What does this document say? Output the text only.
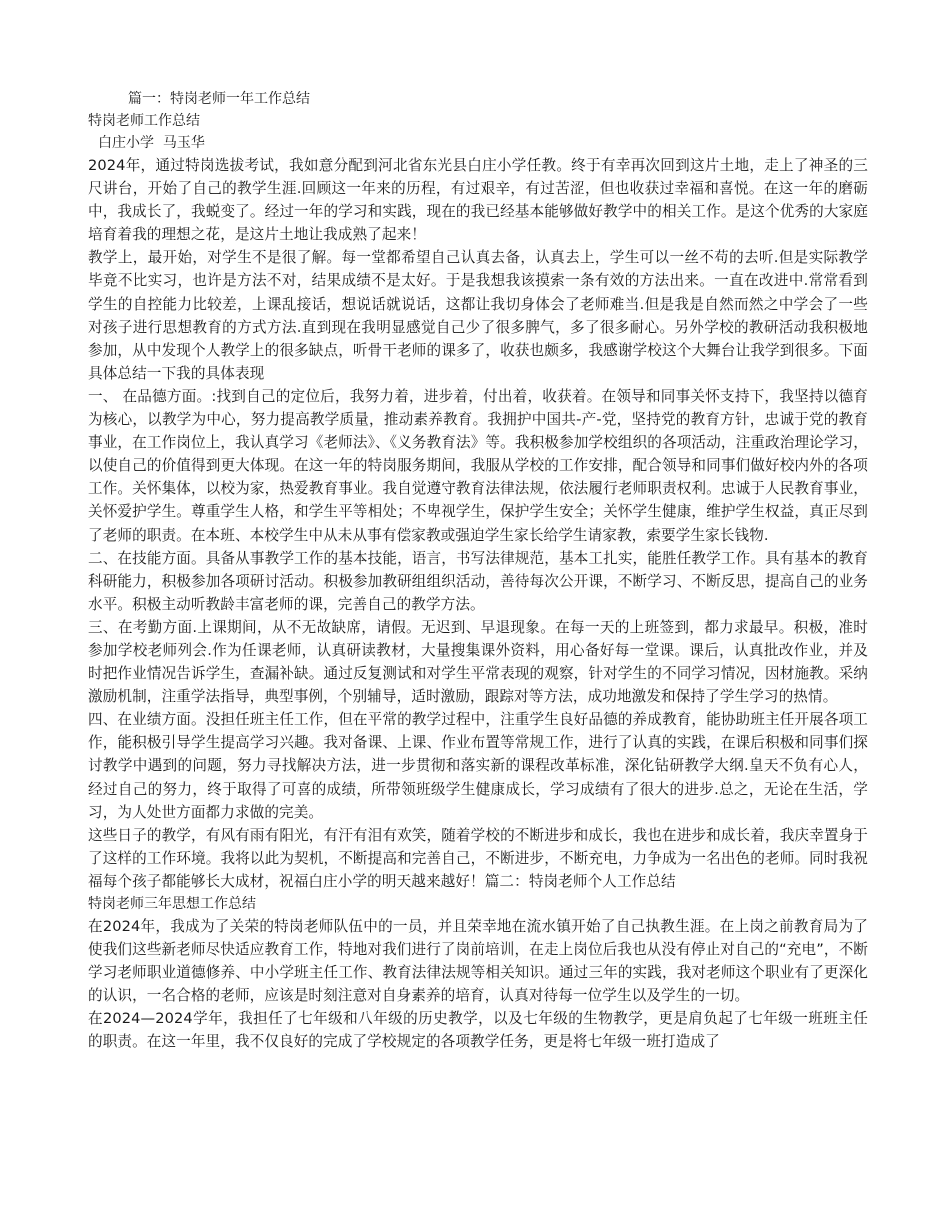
篇一：特岗老师一年工作总结

特岗老师工作总结

白庄小学  马玉华

2024年，通过特岗选拔考试，我如意分配到河北省东光县白庄小学任教。终于有幸再次回到这片土地，走上了神圣的三尺讲台，开始了自己的教学生涯.回顾这一年来的历程，有过艰辛，有过苦涩，但也收获过幸福和喜悦。在这一年的磨砺中，我成长了，我蜕变了。经过一年的学习和实践，现在的我已经基本能够做好教学中的相关工作。是这个优秀的大家庭培育着我的理想之花，是这片土地让我成熟了起来！

教学上，最开始，对学生不是很了解。每一堂都希望自己认真去备，认真去上，学生可以一丝不苟的去听.但是实际教学毕竟不比实习，也许是方法不对，结果成绩不是太好。于是我想我该摸索一条有效的方法出来。一直在改进中.常常看到学生的自控能力比较差，上课乱接话，想说话就说话，这都让我切身体会了老师难当.但是我是自然而然之中学会了一些对孩子进行思想教育的方式方法.直到现在我明显感觉自己少了很多脾气，多了很多耐心。另外学校的教研活动我积极地参加，从中发现个人教学上的很多缺点，听骨干老师的课多了，收获也颇多，我感谢学校这个大舞台让我学到很多。下面具体总结一下我的具体表现

一、 在品德方面。:找到自己的定位后，我努力着，进步着，付出着，收获着。在领导和同事关怀支持下，我坚持以德育为核心，以教学为中心，努力提高教学质量，推动素养教育。我拥护中国共-产-党，坚持党的教育方针，忠诚于党的教育事业，在工作岗位上，我认真学习《老师法》、《义务教育法》等。我积极参加学校组织的各项活动，注重政治理论学习，以使自己的价值得到更大体现。在这一年的特岗服务期间，我服从学校的工作安排，配合领导和同事们做好校内外的各项工作。关怀集体，以校为家，热爱教育事业。我自觉遵守教育法律法规，依法履行老师职责权利。忠诚于人民教育事业，关怀爱护学生。尊重学生人格，和学生平等相处；不卑视学生，保护学生安全；关怀学生健康，维护学生权益，真正尽到了老师的职责。在本班、本校学生中从未从事有偿家教或强迫学生家长给学生请家教，索要学生家长钱物.

二、在技能方面。具备从事教学工作的基本技能，语言，书写法律规范，基本工扎实，能胜任教学工作。具有基本的教育科研能力，积极参加各项研讨活动。积极参加教研组组织活动，善待每次公开课，不断学习、不断反思，提高自己的业务水平。积极主动听教龄丰富老师的课，完善自己的教学方法。

三、在考勤方面.上课期间，从不无故缺席，请假。无迟到、早退现象。在每一天的上班签到，都力求最早。积极，准时参加学校老师列会.作为任课老师，认真研读教材，大量搜集课外资料，用心备好每一堂课。课后，认真批改作业，并及时把作业情况告诉学生，查漏补缺。通过反复测试和对学生平常表现的观察，针对学生的不同学习情况，因材施教。采纳激励机制，注重学法指导，典型事例，个别辅导，适时激励，跟踪对等方法，成功地激发和保持了学生学习的热情。

四、在业绩方面。没担任班主任工作，但在平常的教学过程中，注重学生良好品德的养成教育，能协助班主任开展各项工作，能积极引导学生提高学习兴趣。我对备课、上课、作业布置等常规工作，进行了认真的实践，在课后积极和同事们探讨教学中遇到的问题，努力寻找解决方法，进一步贯彻和落实新的课程改革标准，深化钻研教学大纲.皇天不负有心人，经过自己的努力，终于取得了可喜的成绩，所带领班级学生健康成长，学习成绩有了很大的进步.总之，无论在生活，学习，为人处世方面都力求做的完美。

这些日子的教学，有风有雨有阳光，有汗有泪有欢笑，随着学校的不断进步和成长，我也在进步和成长着，我庆幸置身于了这样的工作环境。我将以此为契机，不断提高和完善自己，不断进步，不断充电，力争成为一名出色的老师。同时我祝福每个孩子都能够长大成材，祝福白庄小学的明天越来越好！篇二：特岗老师个人工作总结

特岗老师三年思想工作总结

在2024年，我成为了关荣的特岗老师队伍中的一员，并且荣幸地在流水镇开始了自己执教生涯。在上岗之前教育局为了使我们这些新老师尽快适应教育工作，特地对我们进行了岗前培训，在走上岗位后我也从没有停止对自己的“充电”，不断学习老师职业道德修养、中小学班主任工作、教育法律法规等相关知识。通过三年的实践，我对老师这个职业有了更深化的认识，一名合格的老师，应该是时刻注意对自身素养的培育，认真对待每一位学生以及学生的一切。

在2024—2024学年，我担任了七年级和八年级的历史教学，以及七年级的生物教学，更是肩负起了七年级一班班主任的职责。在这一年里，我不仅良好的完成了学校规定的各项教学任务，更是将七年级一班打造成了
